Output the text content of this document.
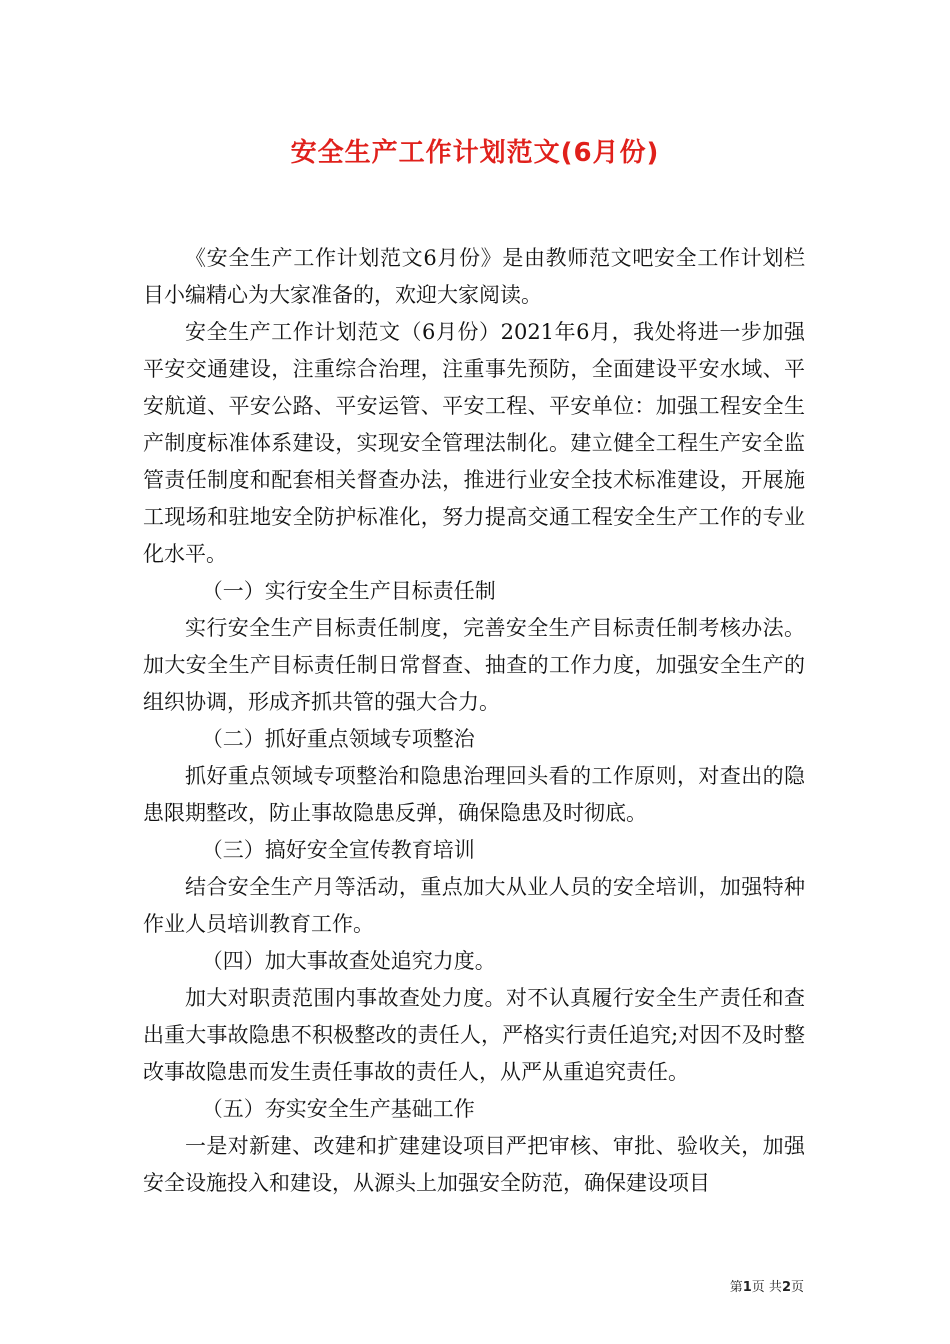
安全生产工作计划范文(6月份)

《安全生产工作计划范文6月份》是由教师范文吧安全工作计划栏目小编精心为大家准备的，欢迎大家阅读。

安全生产工作计划范文（6月份）2021年6月，我处将进一步加强平安交通建设，注重综合治理，注重事先预防，全面建设平安水域、平安航道、平安公路、平安运管、平安工程、平安单位：加强工程安全生产制度标准体系建设，实现安全管理法制化。建立健全工程生产安全监管责任制度和配套相关督查办法，推进行业安全技术标准建设，开展施工现场和驻地安全防护标准化，努力提高交通工程安全生产工作的专业化水平。

（一）实行安全生产目标责任制

实行安全生产目标责任制度，完善安全生产目标责任制考核办法。加大安全生产目标责任制日常督查、抽查的工作力度，加强安全生产的组织协调，形成齐抓共管的强大合力。

（二）抓好重点领域专项整治

抓好重点领域专项整治和隐患治理回头看的工作原则，对查出的隐患限期整改，防止事故隐患反弹，确保隐患及时彻底。

（三）搞好安全宣传教育培训

结合安全生产月等活动，重点加大从业人员的安全培训，加强特种作业人员培训教育工作。

（四）加大事故查处追究力度。

加大对职责范围内事故查处力度。对不认真履行安全生产责任和查出重大事故隐患不积极整改的责任人，严格实行责任追究;对因不及时整改事故隐患而发生责任事故的责任人，从严从重追究责任。

（五）夯实安全生产基础工作

一是对新建、改建和扩建建设项目严把审核、审批、验收关，加强安全设施投入和建设，从源头上加强安全防范，确保建设项目

第1页 共2页
